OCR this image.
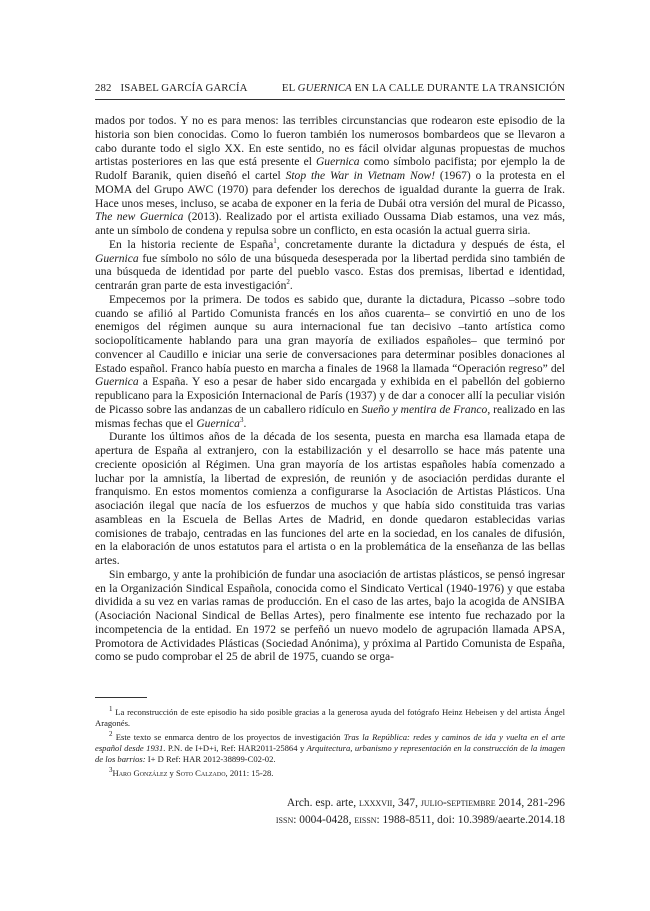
282 ISABEL GARCÍA GARCÍA	EL GUERNICA EN LA CALLE DURANTE LA TRANSICIÓN

mados por todos. Y no es para menos: las terribles circunstancias que rodearon este episodio de la historia son bien conocidas. Como lo fueron también los numerosos bombardeos que se llevaron a cabo durante todo el siglo XX. En este sentido, no es fácil olvidar algunas propuestas de muchos artistas posteriores en las que está presente el Guernica como símbolo pacifista; por ejemplo la de Rudolf Baranik, quien diseñó el cartel Stop the War in Vietnam Now! (1967) o la protesta en el MOMA del Grupo AWC (1970) para defender los derechos de igualdad durante la guerra de Irak. Hace unos meses, incluso, se acaba de exponer en la feria de Dubái otra versión del mural de Picasso, The new Guernica (2013). Realizado por el artista exiliado Oussama Diab estamos, una vez más, ante un símbolo de condena y repulsa sobre un conflicto, en esta ocasión la actual guerra siria.

En la historia reciente de España$^1$, concretamente durante la dictadura y después de ésta, el Guernica fue símbolo no sólo de una búsqueda desesperada por la libertad perdida sino también de una búsqueda de identidad por parte del pueblo vasco. Estas dos premisas, libertad e identidad, centrarán gran parte de esta investigación$^2$.

Empecemos por la primera. De todos es sabido que, durante la dictadura, Picasso –sobre todo cuando se afilió al Partido Comunista francés en los años cuarenta– se convirtió en uno de los enemigos del régimen aunque su aura internacional fue tan decisivo –tanto artística como sociopolíticamente hablando para una gran mayoría de exiliados españoles– que terminó por convencer al Caudillo e iniciar una serie de conversaciones para determinar posibles donaciones al Estado español. Franco había puesto en marcha a finales de 1968 la llamada “Operación regreso” del Guernica a España. Y eso a pesar de haber sido encargada y exhibida en el pabellón del gobierno republicano para la Exposición Internacional de París (1937) y de dar a conocer allí la peculiar visión de Picasso sobre las andanzas de un caballero ridículo en Sueño y mentira de Franco, realizado en las mismas fechas que el Guernica$^3$.

Durante los últimos años de la década de los sesenta, puesta en marcha esa llamada etapa de apertura de España al extranjero, con la estabilización y el desarrollo se hace más patente una creciente oposición al Régimen. Una gran mayoría de los artistas españoles había comenzado a luchar por la amnistía, la libertad de expresión, de reunión y de asociación perdidas durante el franquismo. En estos momentos comienza a configurarse la Asociación de Artistas Plásticos. Una asociación ilegal que nacía de los esfuerzos de muchos y que había sido constituida tras varias asambleas en la Escuela de Bellas Artes de Madrid, en donde quedaron establecidas varias comisiones de trabajo, centradas en las funciones del arte en la sociedad, en los canales de difusión, en la elaboración de unos estatutos para el artista o en la problemática de la enseñanza de las bellas artes.

Sin embargo, y ante la prohibición de fundar una asociación de artistas plásticos, se pensó ingresar en la Organización Sindical Española, conocida como el Sindicato Vertical (1940-1976) y que estaba dividida a su vez en varias ramas de producción. En el caso de las artes, bajo la acogida de ANSIBA (Asociación Nacional Sindical de Bellas Artes), pero finalmente ese intento fue rechazado por la incompetencia de la entidad. En 1972 se perfeñó un nuevo modelo de agrupación llamada APSA, Promotora de Actividades Plásticas (Sociedad Anónima), y próxima al Partido Comunista de España, como se pudo comprobar el 25 de abril de 1975, cuando se orga-

$^1$ La reconstrucción de este episodio ha sido posible gracias a la generosa ayuda del fotógrafo Heinz Hebeisen y del artista Ángel Aragonés.

$^2$ Este texto se enmarca dentro de los proyectos de investigación Tras la República: redes y caminos de ida y vuelta en el arte español desde 1931. P.N. de I+D+i, Ref: HAR2011-25864 y Arquitectura, urbanismo y representación en la construcción de la imagen de los barrios: I+ D Ref: HAR 2012-38899-C02-02.

$^3$Haro González y Soto Calzado, 2011: 15-28.

Arch. esp. arte, lxxxvii, 347, julio-septiembre 2014, 281-296
issn: 0004-0428, eissn: 1988-8511, doi: 10.3989/aearte.2014.18
